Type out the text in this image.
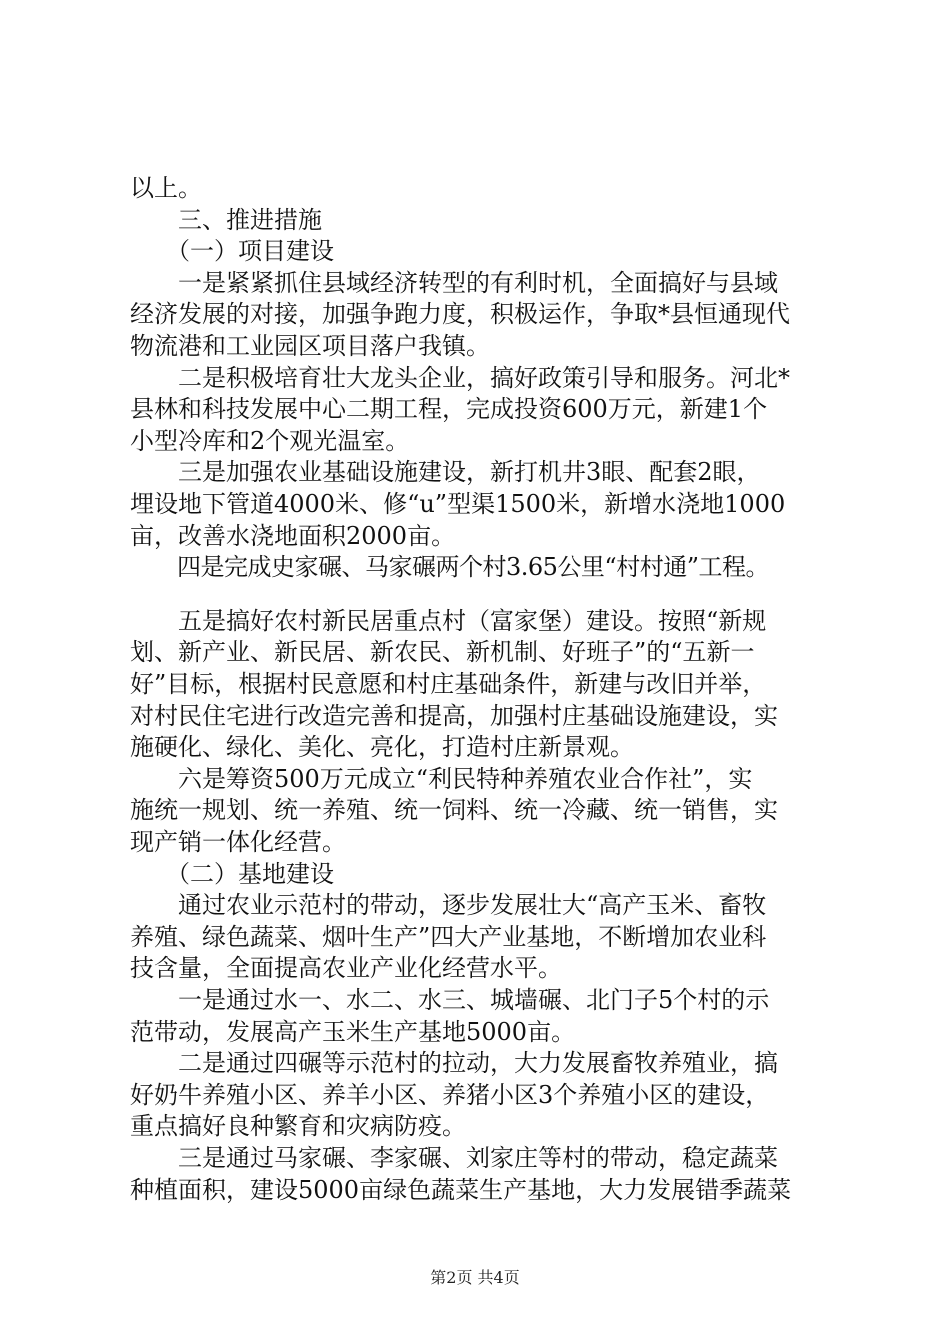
以上。
　　三、推进措施
　　（一）项目建设
　　一是紧紧抓住县域经济转型的有利时机，全面搞好与县域
经济发展的对接，加强争跑力度，积极运作，争取*县恒通现代
物流港和工业园区项目落户我镇。
　　二是积极培育壮大龙头企业，搞好政策引导和服务。河北*
县林和科技发展中心二期工程，完成投资600万元，新建1个
小型冷库和2个观光温室。
　　三是加强农业基础设施建设，新打机井3眼、配套2眼，
埋设地下管道4000米、修“u”型渠1500米，新增水浇地1000
亩，改善水浇地面积2000亩。
　　四是完成史家碾、马家碾两个村3.65公里“村村通”工程。
　　五是搞好农村新民居重点村（富家堡）建设。按照“新规
划、新产业、新民居、新农民、新机制、好班子”的“五新一
好”目标，根据村民意愿和村庄基础条件，新建与改旧并举，
对村民住宅进行改造完善和提高，加强村庄基础设施建设，实
施硬化、绿化、美化、亮化，打造村庄新景观。
　　六是筹资500万元成立“利民特种养殖农业合作社”，实
施统一规划、统一养殖、统一饲料、统一冷藏、统一销售，实
现产销一体化经营。
　　（二）基地建设
　　通过农业示范村的带动，逐步发展壮大“高产玉米、畜牧
养殖、绿色蔬菜、烟叶生产”四大产业基地，不断增加农业科
技含量，全面提高农业产业化经营水平。
　　一是通过水一、水二、水三、城墙碾、北门子5个村的示
范带动，发展高产玉米生产基地5000亩。
　　二是通过四碾等示范村的拉动，大力发展畜牧养殖业，搞
好奶牛养殖小区、养羊小区、养猪小区3个养殖小区的建设，
重点搞好良种繁育和灾病防疫。
　　三是通过马家碾、李家碾、刘家庄等村的带动，稳定蔬菜
种植面积，建设5000亩绿色蔬菜生产基地，大力发展错季蔬菜
第2页 共4页
